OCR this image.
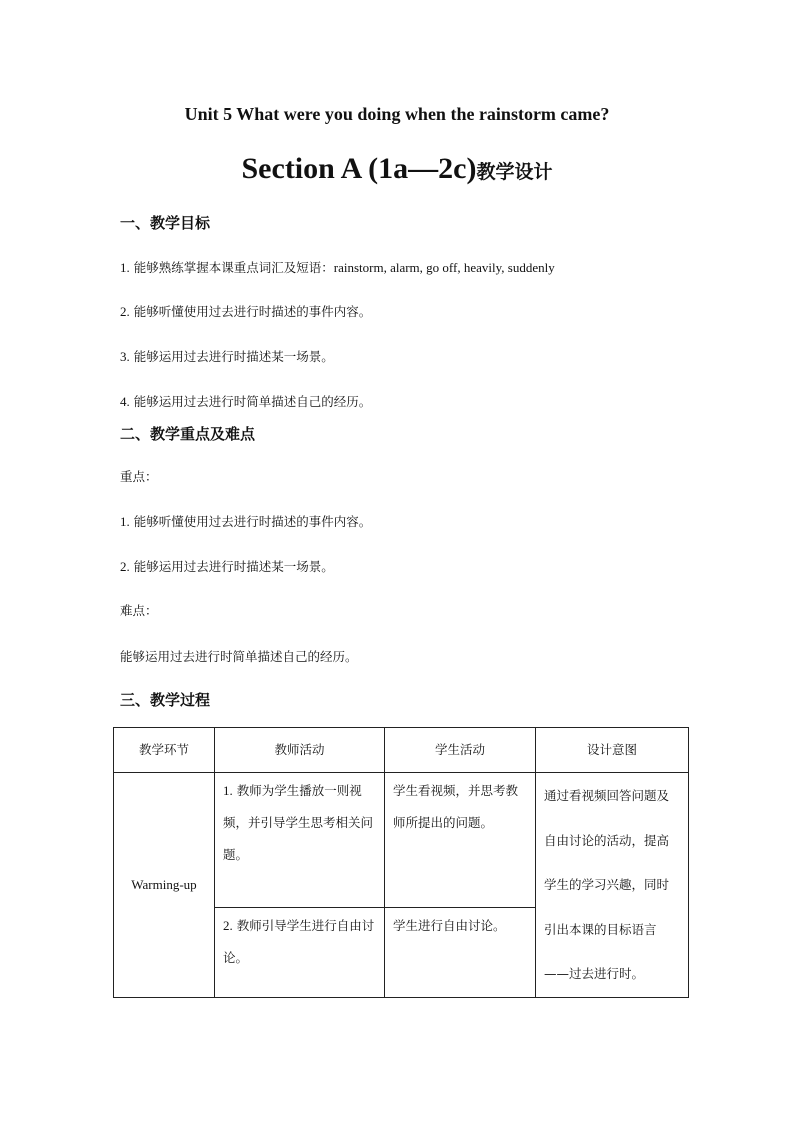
Unit 5 What were you doing when the rainstorm came?
Section A (1a—2c)教学设计
一、教学目标
1. 能够熟练掌握本课重点词汇及短语：rainstorm, alarm, go off, heavily, suddenly
2. 能够听懂使用过去进行时描述的事件内容。
3. 能够运用过去进行时描述某一场景。
4. 能够运用过去进行时简单描述自己的经历。
二、教学重点及难点
重点：
1. 能够听懂使用过去进行时描述的事件内容。
2. 能够运用过去进行时描述某一场景。
难点：
能够运用过去进行时简单描述自己的经历。
三、教学过程
教学环节	教师活动	学生活动	设计意图
Warming-up	1. 教师为学生播放一则视频，并引导学生思考相关问题。	学生看视频，并思考教师所提出的问题。	通过看视频回答问题及自由讨论的活动，提高学生的学习兴趣，同时引出本课的目标语言——过去进行时。
	2. 教师引导学生进行自由讨论。	学生进行自由讨论。	
